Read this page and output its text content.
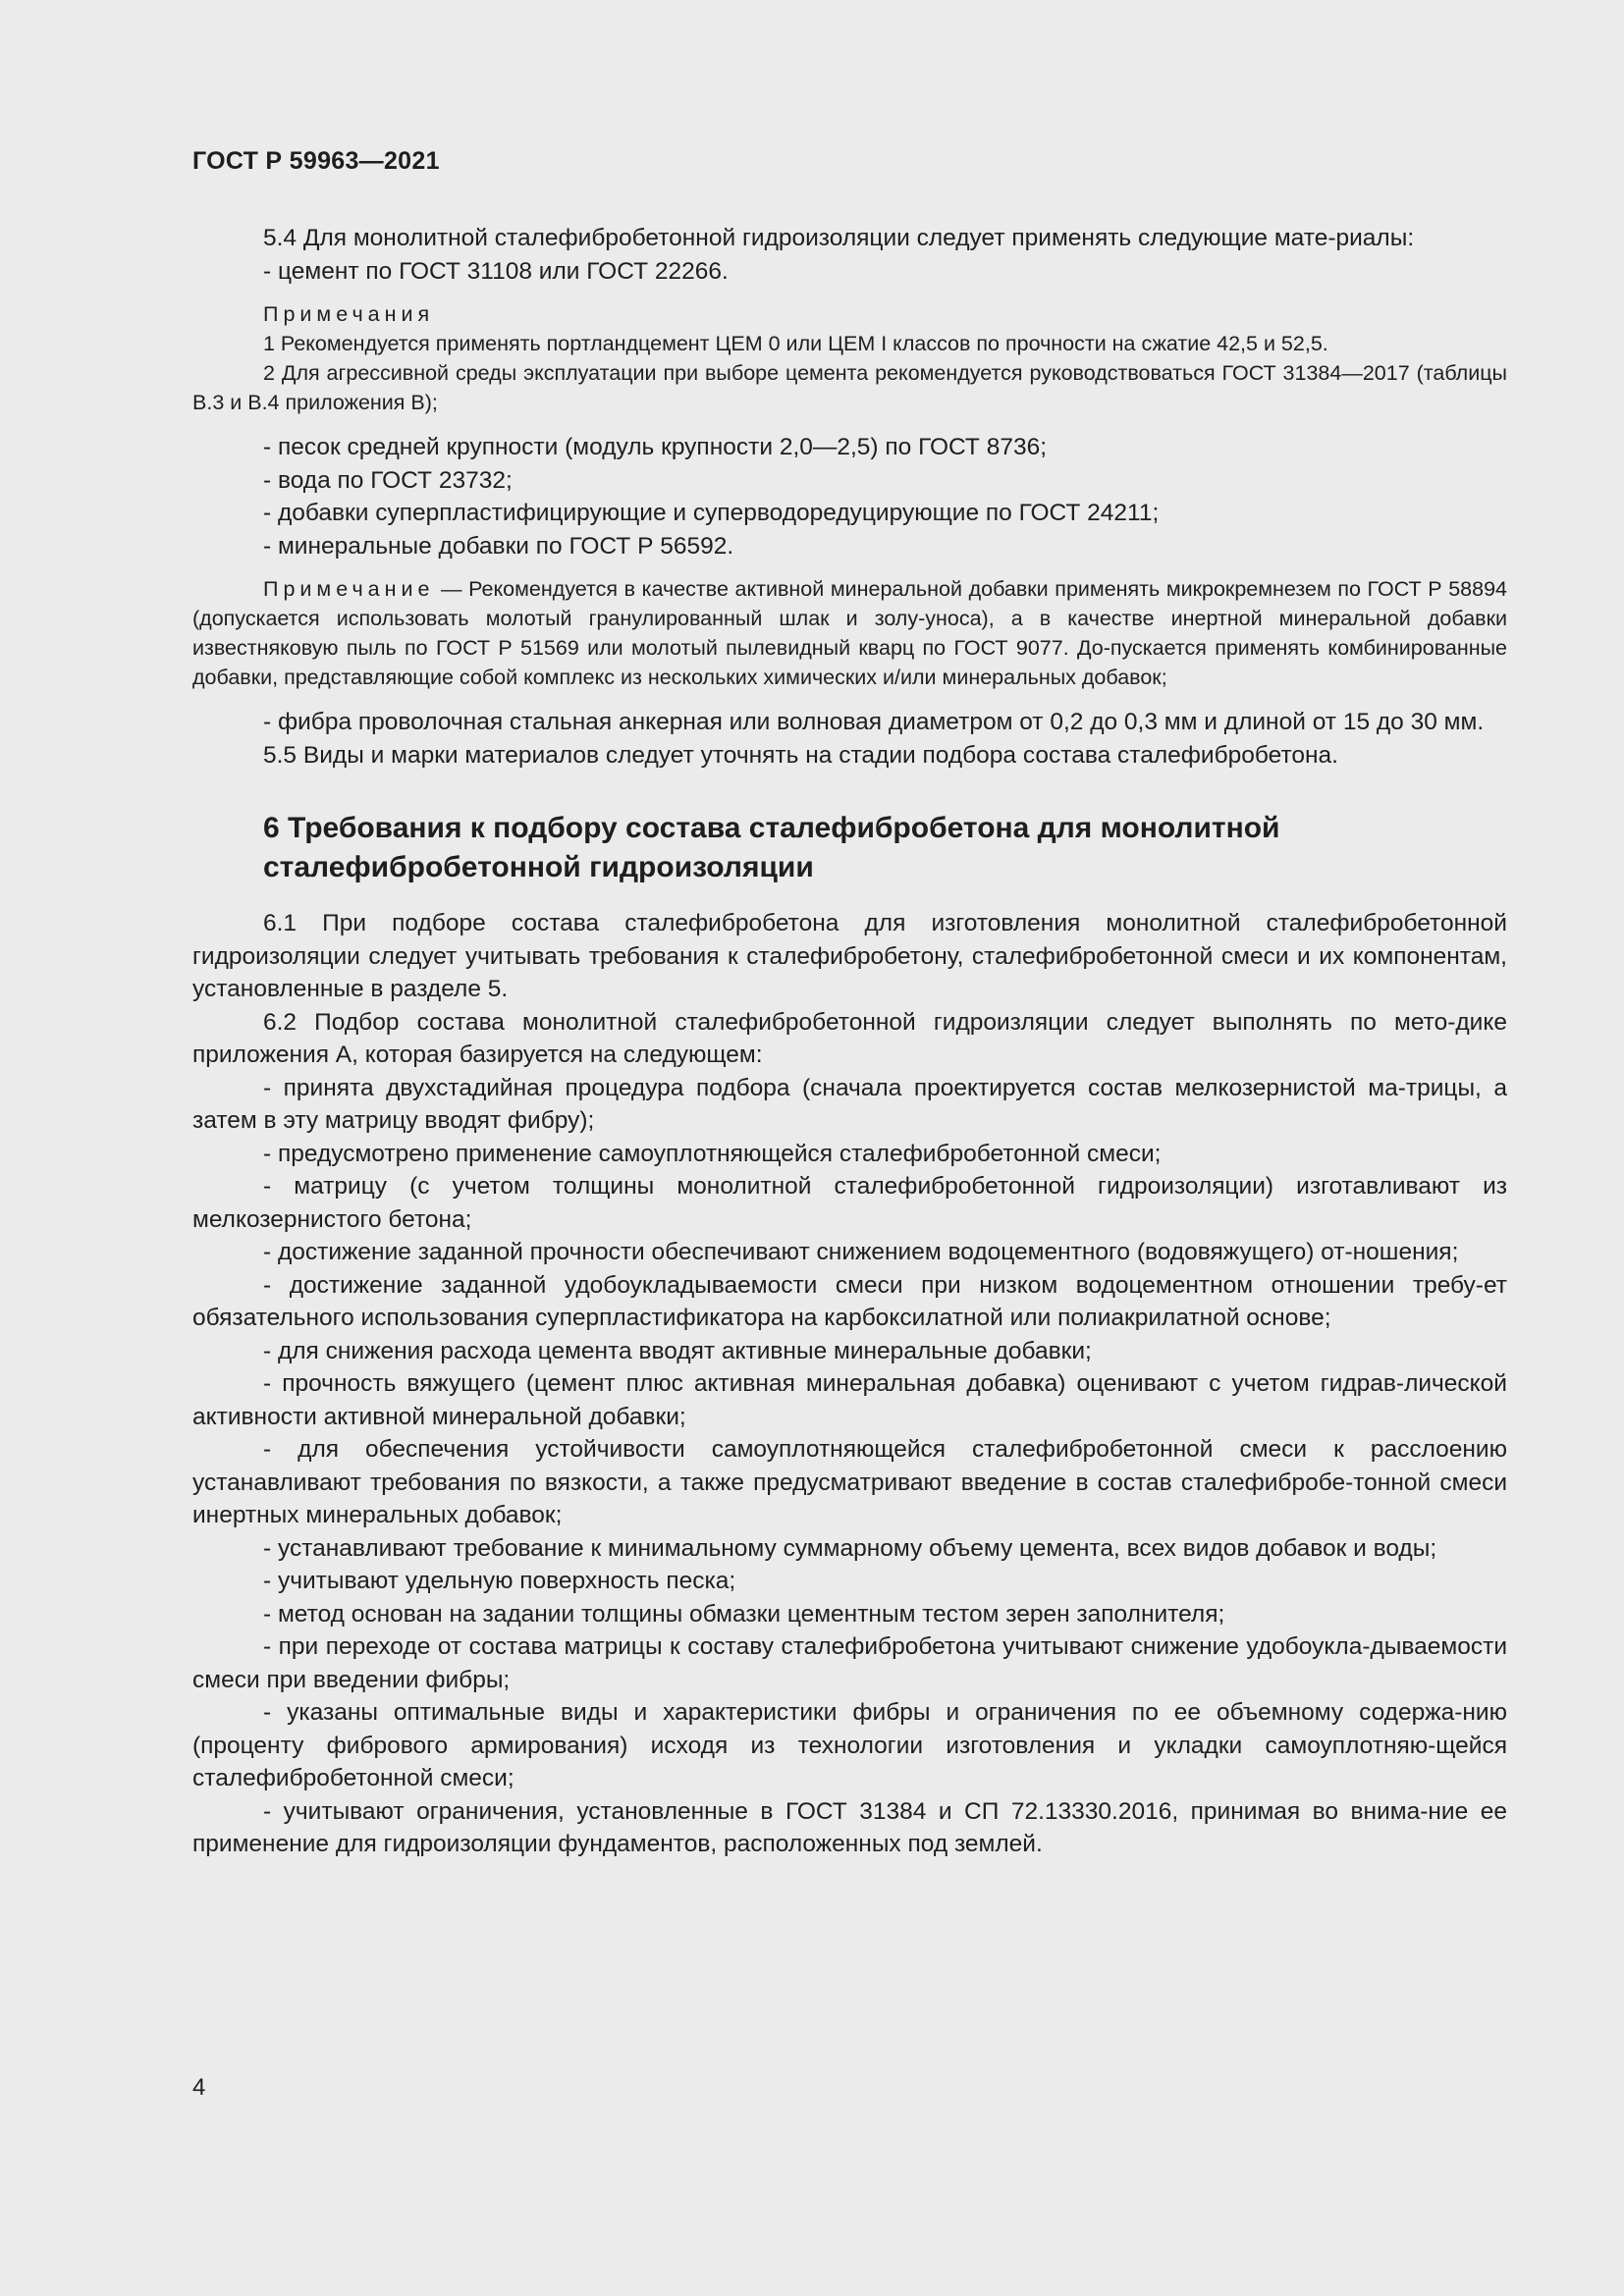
ГОСТ Р 59963—2021

5.4 Для монолитной сталефибробетонной гидроизоляции следует применять следующие мате-риалы:

- цемент по ГОСТ 31108 или ГОСТ 22266.

Примечания

1 Рекомендуется применять портландцемент ЦЕМ 0 или ЦЕМ I классов по прочности на сжатие 42,5 и 52,5.

2 Для агрессивной среды эксплуатации при выборе цемента рекомендуется руководствоваться ГОСТ 31384—2017 (таблицы В.3 и В.4 приложения В);

- песок средней крупности (модуль крупности 2,0—2,5) по ГОСТ 8736;

- вода по ГОСТ 23732;

- добавки суперпластифицирующие и суперводоредуцирующие по ГОСТ 24211;

- минеральные добавки по ГОСТ Р 56592.

Примечание — Рекомендуется в качестве активной минеральной добавки применять микрокремнезем по ГОСТ Р 58894 (допускается использовать молотый гранулированный шлак и золу-уноса), а в качестве инертной минеральной добавки известняковую пыль по ГОСТ Р 51569 или молотый пылевидный кварц по ГОСТ 9077. До-пускается применять комбинированные добавки, представляющие собой комплекс из нескольких химических и/или минеральных добавок;

- фибра проволочная стальная анкерная или волновая диаметром от 0,2 до 0,3 мм и длиной от 15 до 30 мм.

5.5 Виды и марки материалов следует уточнять на стадии подбора состава сталефибробетона.

6 Требования к подбору состава сталефибробетона для монолитной
сталефибробетонной гидроизоляции

6.1 При подборе состава сталефибробетона для изготовления монолитной сталефибробетонной гидроизоляции следует учитывать требования к сталефибробетону, сталефибробетонной смеси и их компонентам, установленные в разделе 5.

6.2 Подбор состава монолитной сталефибробетонной гидроизляции следует выполнять по мето-дике приложения А, которая базируется на следующем:

- принята двухстадийная процедура подбора (сначала проектируется состав мелкозернистой ма-трицы, а затем в эту матрицу вводят фибру);

- предусмотрено применение самоуплотняющейся сталефибробетонной смеси;

- матрицу (с учетом толщины монолитной сталефибробетонной гидроизоляции) изготавливают из мелкозернистого бетона;

- достижение заданной прочности обеспечивают снижением водоцементного (водовяжущего) от-ношения;

- достижение заданной удобоукладываемости смеси при низком водоцементном отношении требу-ет обязательного использования суперпластификатора на карбоксилатной или полиакрилатной основе;

- для снижения расхода цемента вводят активные минеральные добавки;

- прочность вяжущего (цемент плюс активная минеральная добавка) оценивают с учетом гидрав-лической активности активной минеральной добавки;

- для обеспечения устойчивости самоуплотняющейся сталефибробетонной смеси к расслоению устанавливают требования по вязкости, а также предусматривают введение в состав сталефибробе-тонной смеси инертных минеральных добавок;

- устанавливают требование к минимальному суммарному объему цемента, всех видов добавок и воды;

- учитывают удельную поверхность песка;

- метод основан на задании толщины обмазки цементным тестом зерен заполнителя;

- при переходе от состава матрицы к составу сталефибробетона учитывают снижение удобоукла-дываемости смеси при введении фибры;

- указаны оптимальные виды и характеристики фибры и ограничения по ее объемному содержа-нию (проценту фибрового армирования) исходя из технологии изготовления и укладки самоуплотняю-щейся сталефибробетонной смеси;

- учитывают ограничения, установленные в ГОСТ 31384 и СП 72.13330.2016, принимая во внима-ние ее применение для гидроизоляции фундаментов, расположенных под землей.

4
